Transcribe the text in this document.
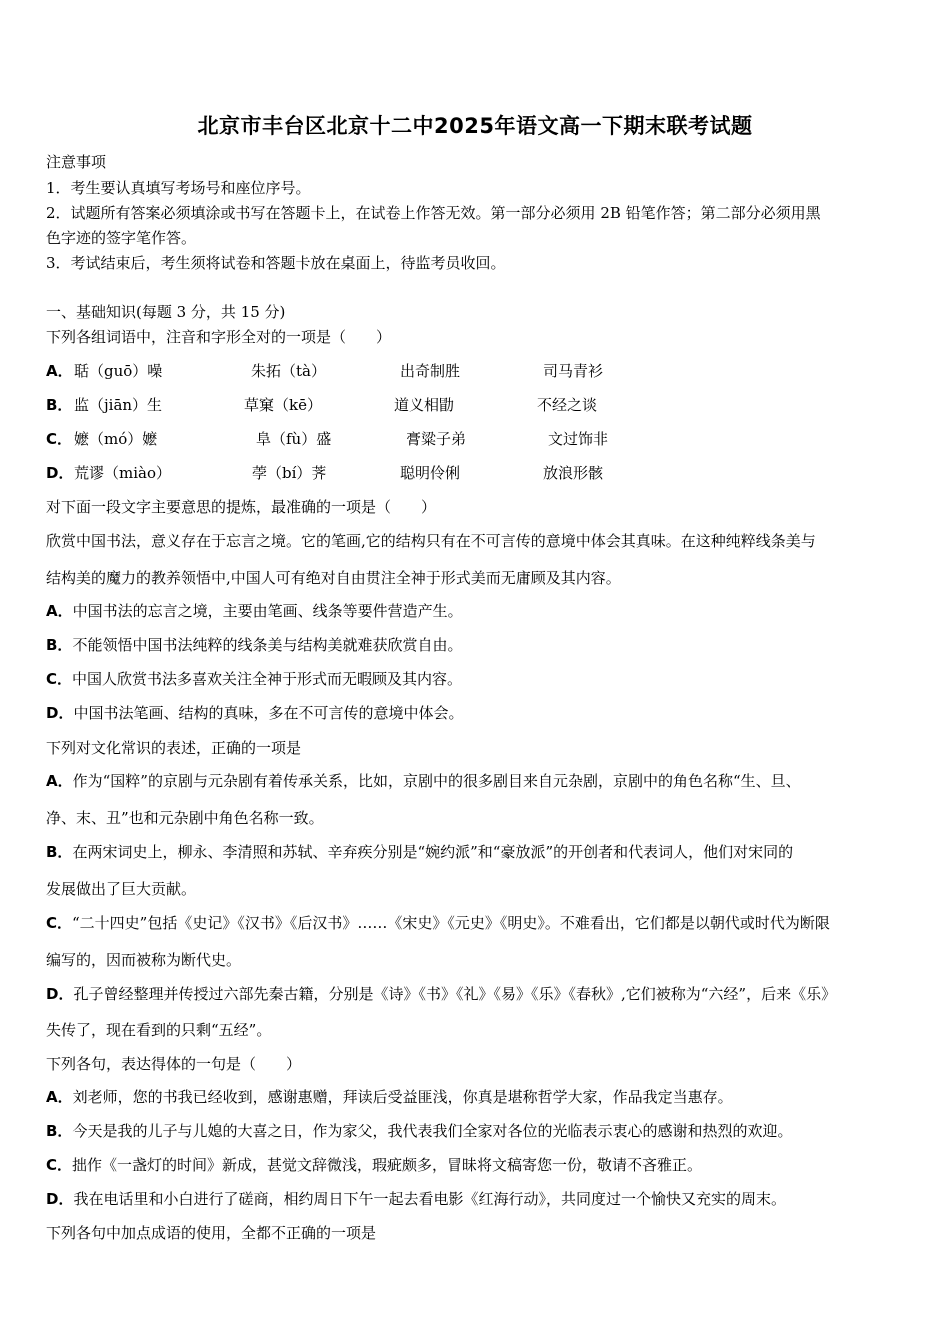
北京市丰台区北京十二中2025年语文高一下期末联考试题
注意事项
1．考生要认真填写考场号和座位序号。
2．试题所有答案必须填涂或书写在答题卡上，在试卷上作答无效。第一部分必须用 2B 铅笔作答；第二部分必须用黑
色字迹的签字笔作答。
3．考试结束后，考生须将试卷和答题卡放在桌面上，待监考员收回。
一、基础知识(每题 3 分，共 15 分)
下列各组词语中，注音和字形全对的一项是（　　）
A． 聒（guō）噪	朱拓（tà）	出奇制胜	司马青衫
B． 监（jiān）生	草窠（kē）	道义相勖	不经之谈
C． 嬷（mó）嬷	阜（fù）盛	膏粱子弟	文过饰非
D． 荒谬（miào）	荸（bí）荠	聪明伶俐	放浪形骸
对下面一段文字主要意思的提炼，最准确的一项是（　　）
欣赏中国书法，意义存在于忘言之境。它的笔画,它的结构只有在不可言传的意境中体会其真味。在这种纯粹线条美与
结构美的魔力的教养领悟中,中国人可有绝对自由贯注全神于形式美而无庸顾及其内容。
A．中国书法的忘言之境，主要由笔画、线条等要件营造产生。
B．不能领悟中国书法纯粹的线条美与结构美就难获欣赏自由。
C．中国人欣赏书法多喜欢关注全神于形式而无暇顾及其内容。
D．中国书法笔画、结构的真味，多在不可言传的意境中体会。
下列对文化常识的表述，正确的一项是
A．作为“国粹”的京剧与元杂剧有着传承关系，比如，京剧中的很多剧目来自元杂剧，京剧中的角色名称“生、旦、
净、末、丑”也和元杂剧中角色名称一致。
B．在两宋词史上，柳永、李清照和苏轼、辛弃疾分别是“婉约派”和“豪放派”的开创者和代表词人，他们对宋同的
发展做出了巨大贡献。
C．“二十四史”包括《史记》《汉书》《后汉书》……《宋史》《元史》《明史》。不难看出，它们都是以朝代或时代为断限
编写的，因而被称为断代史。
D．孔子曾经整理并传授过六部先秦古籍，分别是《诗》《书》《礼》《易》《乐》《春秋》,它们被称为“六经”，后来《乐》
失传了，现在看到的只剩“五经”。
下列各句，表达得体的一句是（　　）
A．刘老师，您的书我已经收到，感谢惠赠，拜读后受益匪浅，你真是堪称哲学大家，作品我定当惠存。
B．今天是我的儿子与儿媳的大喜之日，作为家父，我代表我们全家对各位的光临表示衷心的感谢和热烈的欢迎。
C．拙作《一盏灯的时间》新成，甚觉文辞微浅，瑕疵颇多，冒昧将文稿寄您一份，敬请不吝雅正。
D．我在电话里和小白进行了磋商，相约周日下午一起去看电影《红海行动》，共同度过一个愉快又充实的周末。
下列各句中加点成语的使用，全都不正确的一项是
